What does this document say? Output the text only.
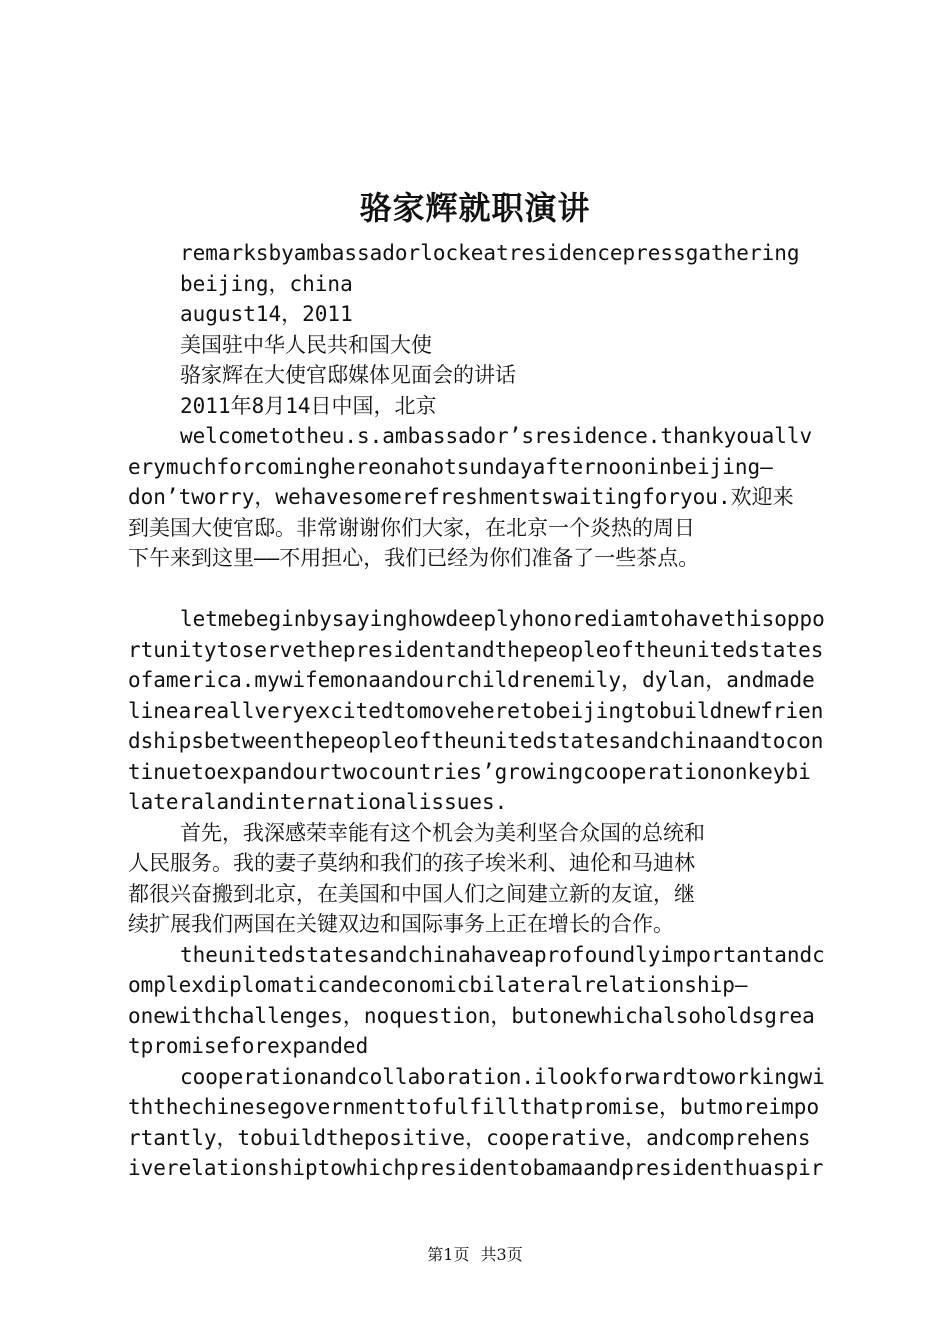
骆家辉就职演讲
remarksbyambassadorlockeatresidencepressgathering
beijing，china
august14，2011
美国驻中华人民共和国大使
骆家辉在大使官邸媒体见面会的讲话
2011年8月14日中国，北京
welcometotheu.s.ambassador’sresidence.thankyouallv
erymuchforcominghereonahotsundayafternooninbeijing–
don’tworry，wehavesomerefreshmentswaitingforyou.欢迎来
到美国大使官邸。非常谢谢你们大家，在北京一个炎热的周日
下午来到这里——不用担心，我们已经为你们准备了一些茶点。
letmebeginbysayinghowdeeplyhonorediamtohavethisoppo
rtunitytoservethepresidentandthepeopleoftheunitedstates
ofamerica.mywifemonaandourchildrenemily，dylan，andmade
lineareallveryexcitedtomoveheretobeijingtobuildnewfrien
dshipsbetweenthepeopleoftheunitedstatesandchinaandtocon
tinuetoexpandourtwocountries’growingcooperationonkeybi
lateralandinternationalissues.
首先，我深感荣幸能有这个机会为美利坚合众国的总统和
人民服务。我的妻子莫纳和我们的孩子埃米利、迪伦和马迪林
都很兴奋搬到北京，在美国和中国人们之间建立新的友谊，继
续扩展我们两国在关键双边和国际事务上正在增长的合作。
theunitedstatesandchinahaveaprofoundlyimportantandc
omplexdiplomaticandeconomicbilateralrelationship–
onewithchallenges，noquestion，butonewhichalsoholdsgrea
tpromiseforexpanded
cooperationandcollaboration.ilookforwardtoworkingwi
ththechinesegovernmenttofulfillthatpromise，butmoreimpo
rtantly，tobuildthepositive，cooperative，andcomprehens
iverelationshiptowhichpresidentobamaandpresidenthuaspir
第1页 共3页
